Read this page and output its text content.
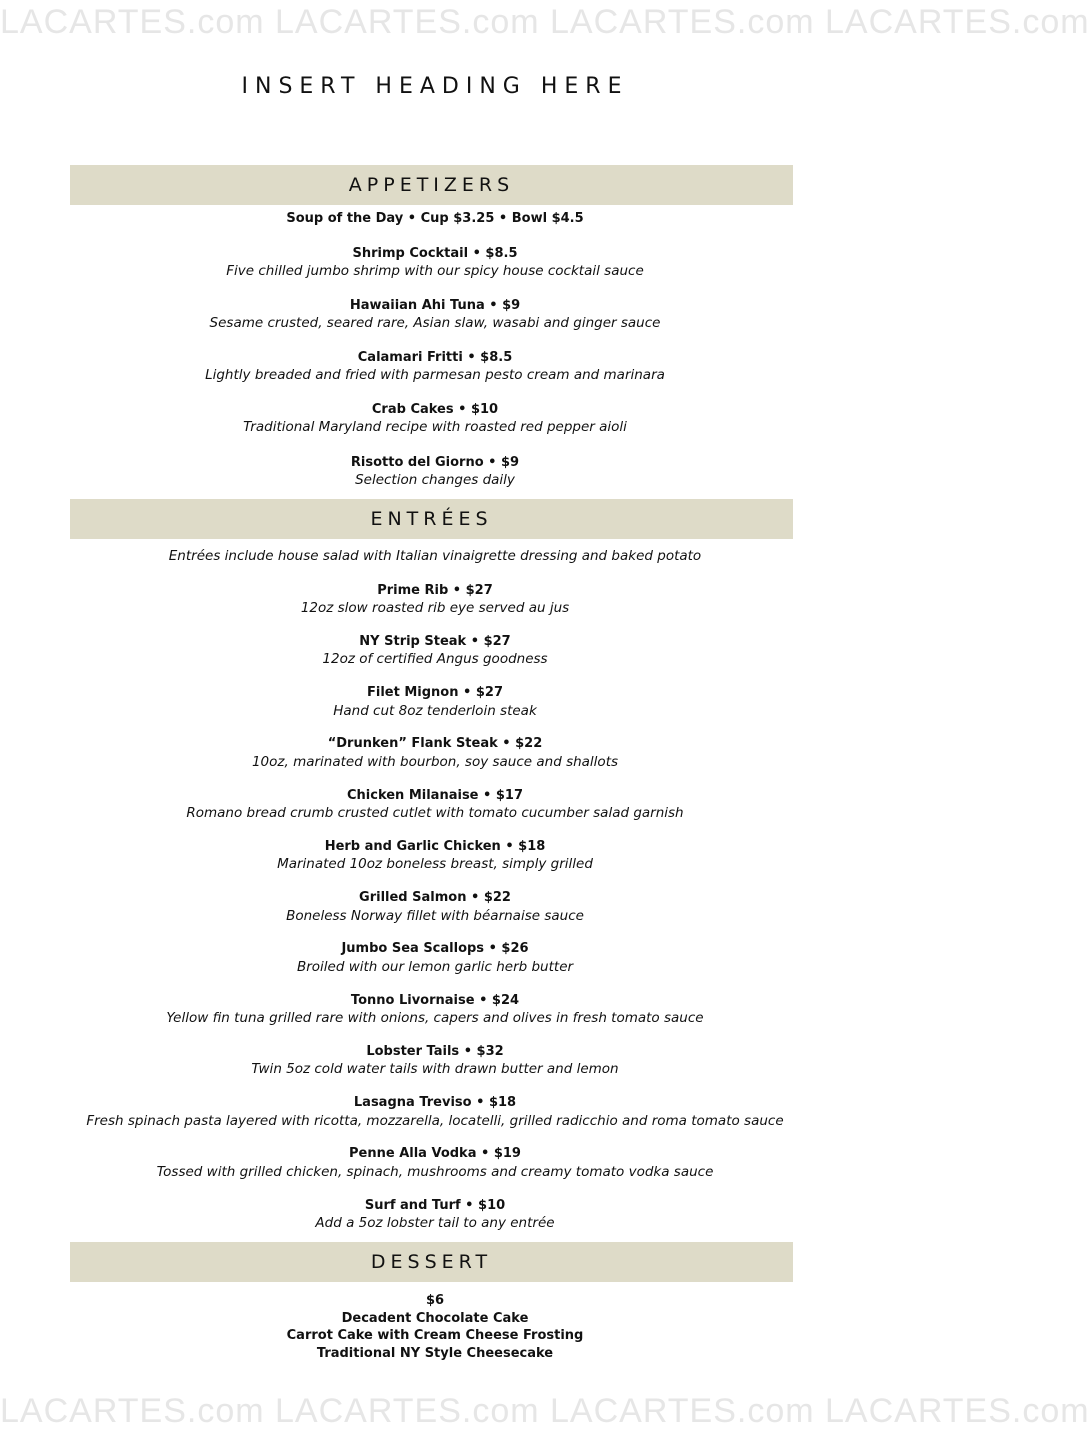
LACARTES.com LACARTES.com LACARTES.com LACARTES.com
INSERT HEADING HERE
APPETIZERS
Soup of the Day • Cup $3.25 • Bowl $4.5
Shrimp Cocktail • $8.5
Five chilled jumbo shrimp with our spicy house cocktail sauce
Hawaiian Ahi Tuna • $9
Sesame crusted, seared rare, Asian slaw, wasabi and ginger sauce
Calamari Fritti • $8.5
Lightly breaded and fried with parmesan pesto cream and marinara
Crab Cakes • $10
Traditional Maryland recipe with roasted red pepper aioli
Risotto del Giorno • $9
Selection changes daily
ENTRÉES
Entrées include house salad with Italian vinaigrette dressing and baked potato
Prime Rib • $27
12oz slow roasted rib eye served au jus
NY Strip Steak • $27
12oz of certified Angus goodness
Filet Mignon • $27
Hand cut 8oz tenderloin steak
“Drunken” Flank Steak • $22
10oz, marinated with bourbon, soy sauce and shallots
Chicken Milanaise • $17
Romano bread crumb crusted cutlet with tomato cucumber salad garnish
Herb and Garlic Chicken • $18
Marinated 10oz boneless breast, simply grilled
Grilled Salmon • $22
Boneless Norway fillet with béarnaise sauce
Jumbo Sea Scallops • $26
Broiled with our lemon garlic herb butter
Tonno Livornaise • $24
Yellow fin tuna grilled rare with onions, capers and olives in fresh tomato sauce
Lobster Tails • $32
Twin 5oz cold water tails with drawn butter and lemon
Lasagna Treviso • $18
Fresh spinach pasta layered with ricotta, mozzarella, locatelli, grilled radicchio and roma tomato sauce
Penne Alla Vodka • $19
Tossed with grilled chicken, spinach, mushrooms and creamy tomato vodka sauce
Surf and Turf • $10
Add a 5oz lobster tail to any entrée
DESSERT
$6
Decadent Chocolate Cake
Carrot Cake with Cream Cheese Frosting
Traditional NY Style Cheesecake
LACARTES.com LACARTES.com LACARTES.com LACARTES.com
